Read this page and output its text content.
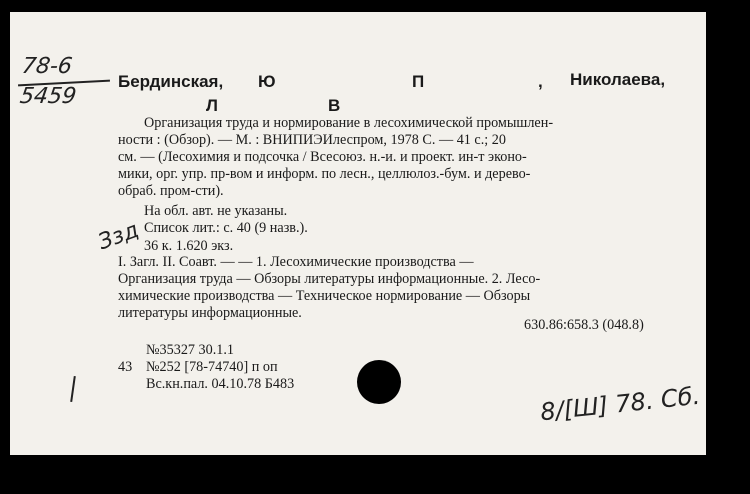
78-6
5459
Бердинская, Ю	П	, Николаева,
Л	В
Организация труда и нормирование в лесохимической промышлен-
ности : (Обзор). — М. : ВНИПИЭИлеспром, 1978 С. — 41 с.; 20
см. — (Лесохимия и подсочка / Всесоюз. н.-и. и проект. ин-т эконо-
мики, орг. упр. пр-вом и информ. по лесн., целлюлоз.-бум. и дерево-
обраб. пром-сти).
На обл. авт. не указаны.
Список лит.: с. 40 (9 назв.).
36 к. 1.620 экз.
Ззд
I. Загл. II. Соавт. — — 1. Лесохимические производства —
Организация труда — Обзоры литературы информационные. 2. Лесо-
химические производства — Техническое нормирование — Обзоры
литературы информационные.
630.86:658.3 (048.8)
№35327 30.1.1
43 №252 [78-74740] п оп
Вс.кн.пал. 04.10.78 Б483	8/[Ш] 78. Сб.
